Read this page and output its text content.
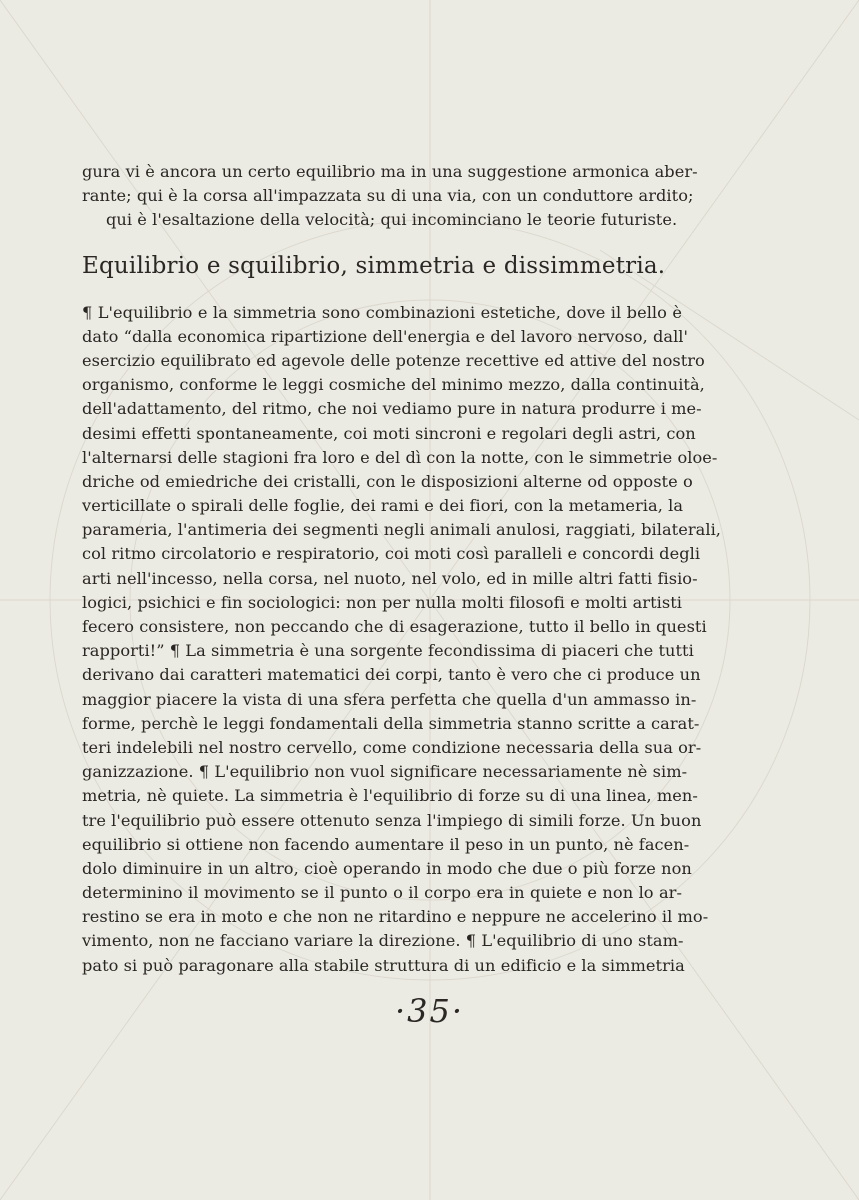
gura vi è ancora un certo equilibrio ma in una suggestione armonica aber-
rante; qui è la corsa all'impazzata su di una via, con un conduttore ardito;
qui è l'esaltazione della velocità; qui incominciano le teorie futuriste.
Equilibrio e squilibrio, simmetria e dissimmetria.
¶ L'equilibrio e la simmetria sono combinazioni estetiche, dove il bello è
dato “dalla economica ripartizione dell'energia e del lavoro nervoso, dall'
esercizio equilibrato ed agevole delle potenze recettive ed attive del nostro
organismo, conforme le leggi cosmiche del minimo mezzo, dalla continuità,
dell'adattamento, del ritmo, che noi vediamo pure in natura produrre i me-
desimi effetti spontaneamente, coi moti sincroni e regolari degli astri, con
l'alternarsi delle stagioni fra loro e del dì con la notte, con le simmetrie oloe-
driche od emiedriche dei cristalli, con le disposizioni alterne od opposte o
verticillate o spirali delle foglie, dei rami e dei fiori, con la metameria, la
parameria, l'antimeria dei segmenti negli animali anulosi, raggiati, bilaterali,
col ritmo circolatorio e respiratorio, coi moti così paralleli e concordi degli
arti nell'incesso, nella corsa, nel nuoto, nel volo, ed in mille altri fatti fisio-
logici, psichici e fin sociologici: non per nulla molti filosofi e molti artisti
fecero consistere, non peccando che di esagerazione, tutto il bello in questi
rapporti!” ¶ La simmetria è una sorgente fecondissima di piaceri che tutti
derivano dai caratteri matematici dei corpi, tanto è vero che ci produce un
maggior piacere la vista di una sfera perfetta che quella d'un ammasso in-
forme, perchè le leggi fondamentali della simmetria stanno scritte a carat-
teri indelebili nel nostro cervello, come condizione necessaria della sua or-
ganizzazione. ¶ L'equilibrio non vuol significare necessariamente nè sim-
metria, nè quiete. La simmetria è l'equilibrio di forze su di una linea, men-
tre l'equilibrio può essere ottenuto senza l'impiego di simili forze. Un buon
equilibrio si ottiene non facendo aumentare il peso in un punto, nè facen-
dolo diminuire in un altro, cioè operando in modo che due o più forze non
determinino il movimento se il punto o il corpo era in quiete e non lo ar-
restino se era in moto e che non ne ritardino e neppure ne accelerino il mo-
vimento, non ne facciano variare la direzione. ¶ L'equilibrio di uno stam-
pato si può paragonare alla stabile struttura di un edificio e la simmetria
·35·
